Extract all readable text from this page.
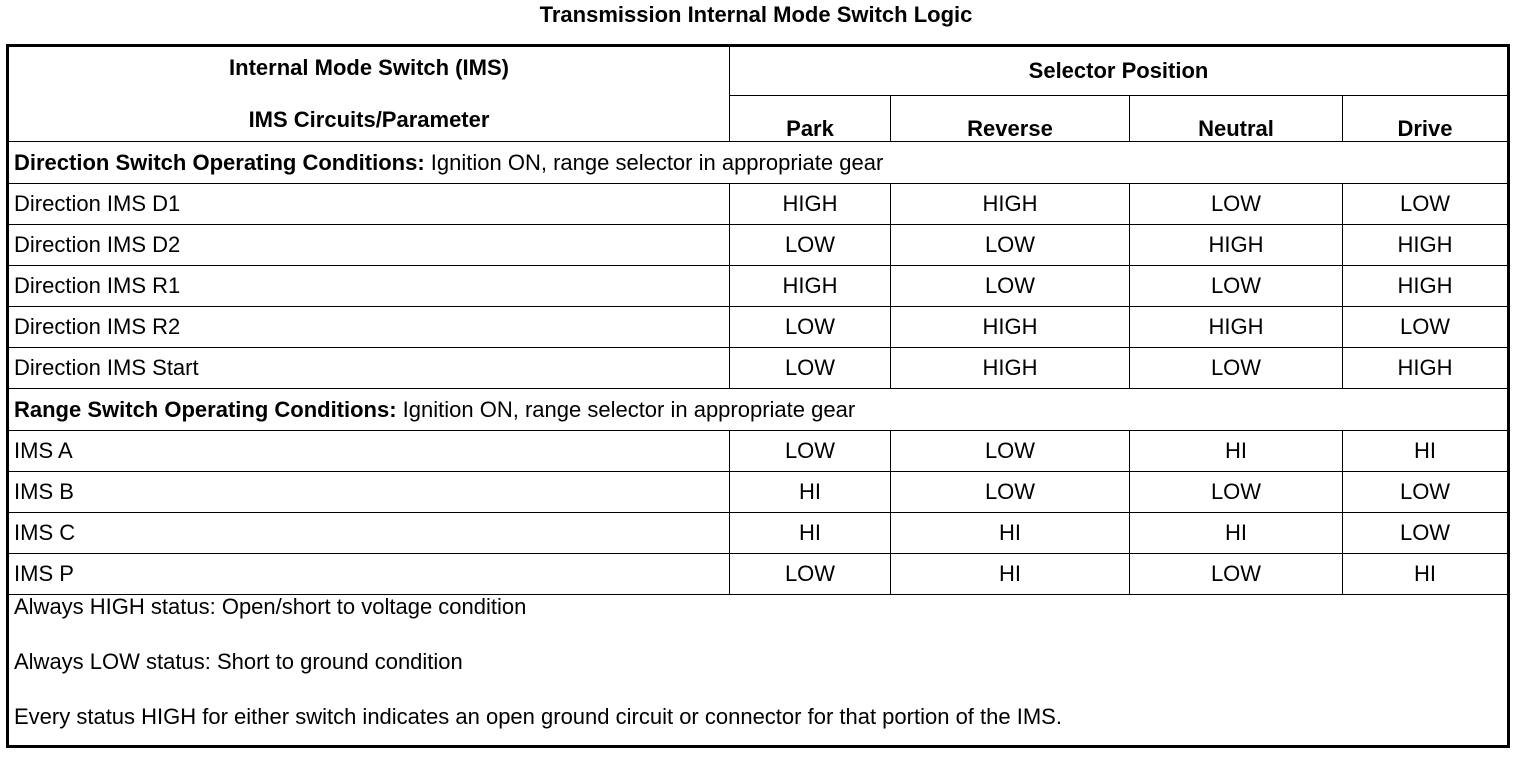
Transmission Internal Mode Switch Logic
Internal Mode Switch (IMS)
IMS Circuits/Parameter	Selector Position			
	Park	Reverse	Neutral	Drive
Direction Switch Operating Conditions: Ignition ON, range selector in appropriate gear				
Direction IMS D1	HIGH	HIGH	LOW	LOW
Direction IMS D2	LOW	LOW	HIGH	HIGH
Direction IMS R1	HIGH	LOW	LOW	HIGH
Direction IMS R2	LOW	HIGH	HIGH	LOW
Direction IMS Start	LOW	HIGH	LOW	HIGH
Range Switch Operating Conditions: Ignition ON, range selector in appropriate gear				
IMS A	LOW	LOW	HI	HI
IMS B	HI	LOW	LOW	LOW
IMS C	HI	HI	HI	LOW
IMS P	LOW	HI	LOW	HI

Always HIGH status: Open/short to voltage condition
Always LOW status: Short to ground condition
Every status HIGH for either switch indicates an open ground circuit or connector for that portion of the IMS.				
